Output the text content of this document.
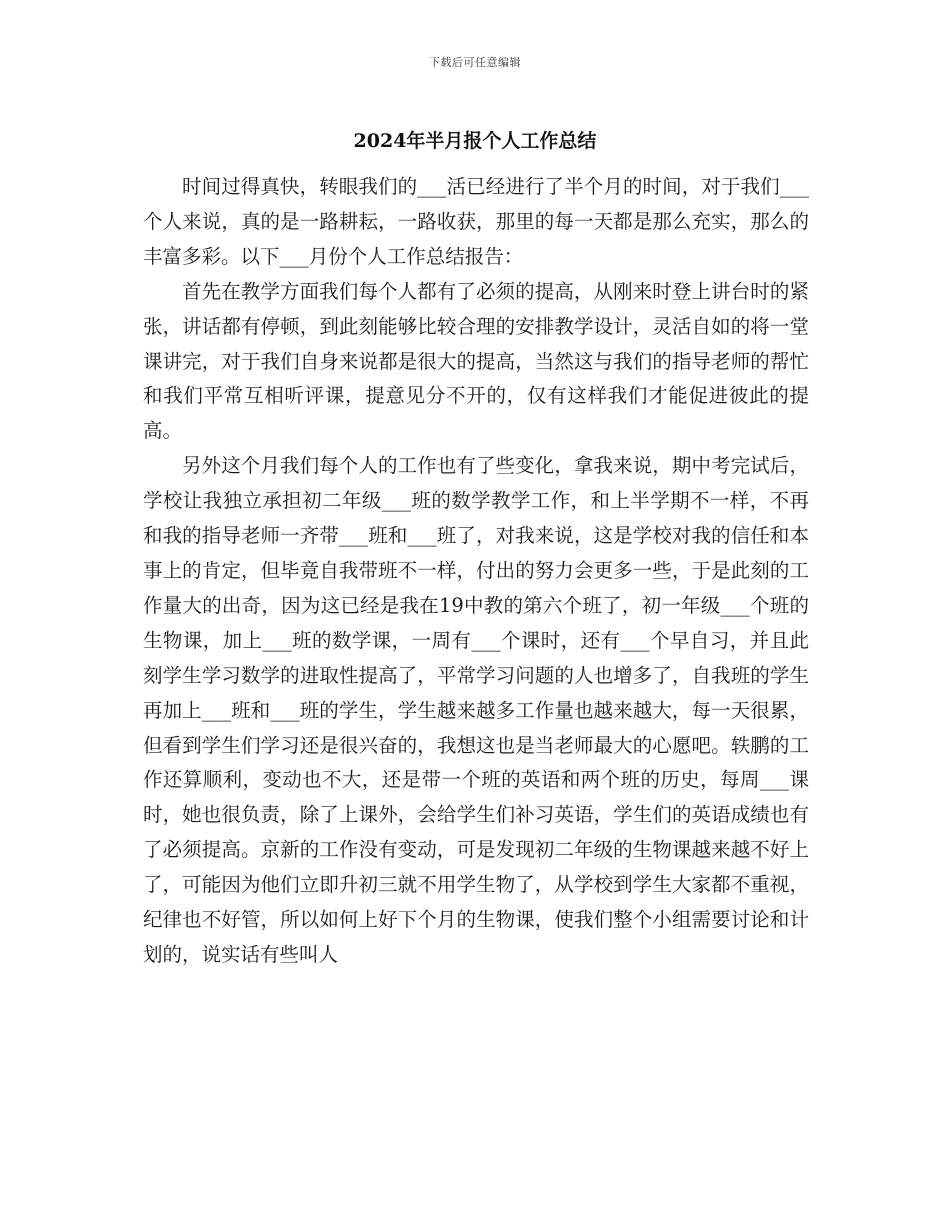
下载后可任意编辑
2024年半月报个人工作总结

时间过得真快，转眼我们的___活已经进行了半个月的时间，对于我们___个人来说，真的是一路耕耘，一路收获，那里的每一天都是那么充实，那么的丰富多彩。以下___月份个人工作总结报告：

首先在教学方面我们每个人都有了必须的提高，从刚来时登上讲台时的紧张，讲话都有停顿，到此刻能够比较合理的安排教学设计，灵活自如的将一堂课讲完，对于我们自身来说都是很大的提高，当然这与我们的指导老师的帮忙和我们平常互相听评课，提意见分不开的，仅有这样我们才能促进彼此的提高。

另外这个月我们每个人的工作也有了些变化，拿我来说，期中考完试后，学校让我独立承担初二年级___班的数学教学工作，和上半学期不一样，不再和我的指导老师一齐带___班和___班了，对我来说，这是学校对我的信任和本事上的肯定，但毕竟自我带班不一样，付出的努力会更多一些，于是此刻的工作量大的出奇，因为这已经是我在19中教的第六个班了，初一年级___个班的生物课，加上___班的数学课，一周有___个课时，还有___个早自习，并且此刻学生学习数学的进取性提高了，平常学习问题的人也增多了，自我班的学生再加上___班和___班的学生，学生越来越多工作量也越来越大，每一天很累，但看到学生们学习还是很兴奋的，我想这也是当老师最大的心愿吧。轶鹏的工作还算顺利，变动也不大，还是带一个班的英语和两个班的历史，每周___课时，她也很负责，除了上课外，会给学生们补习英语，学生们的英语成绩也有了必须提高。京新的工作没有变动，可是发现初二年级的生物课越来越不好上了，可能因为他们立即升初三就不用学生物了，从学校到学生大家都不重视，纪律也不好管，所以如何上好下个月的生物课，使我们整个小组需要讨论和计划的，说实话有些叫人
